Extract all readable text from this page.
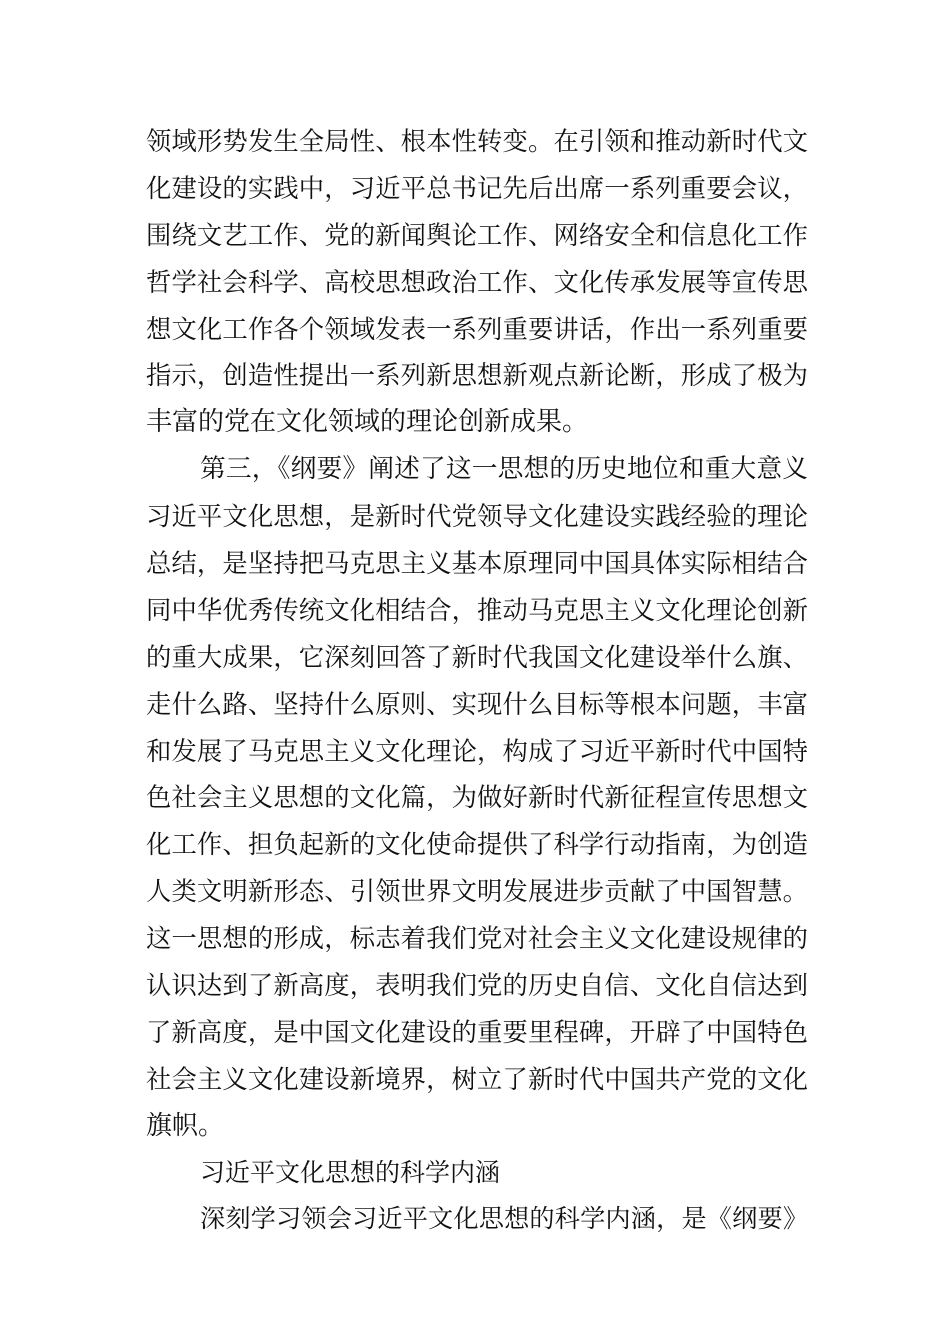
领域形势发生全局性、根本性转变。在引领和推动新时代文
化建设的实践中，习近平总书记先后出席一系列重要会议，
围绕文艺工作、党的新闻舆论工作、网络安全和信息化工作
哲学社会科学、高校思想政治工作、文化传承发展等宣传思
想文化工作各个领域发表一系列重要讲话，作出一系列重要
指示，创造性提出一系列新思想新观点新论断，形成了极为
丰富的党在文化领域的理论创新成果。
第三，《纲要》阐述了这一思想的历史地位和重大意义
习近平文化思想，是新时代党领导文化建设实践经验的理论
总结，是坚持把马克思主义基本原理同中国具体实际相结合
同中华优秀传统文化相结合，推动马克思主义文化理论创新
的重大成果，它深刻回答了新时代我国文化建设举什么旗、
走什么路、坚持什么原则、实现什么目标等根本问题，丰富
和发展了马克思主义文化理论，构成了习近平新时代中国特
色社会主义思想的文化篇，为做好新时代新征程宣传思想文
化工作、担负起新的文化使命提供了科学行动指南，为创造
人类文明新形态、引领世界文明发展进步贡献了中国智慧。
这一思想的形成，标志着我们党对社会主义文化建设规律的
认识达到了新高度，表明我们党的历史自信、文化自信达到
了新高度，是中国文化建设的重要里程碑，开辟了中国特色
社会主义文化建设新境界，树立了新时代中国共产党的文化
旗帜。
习近平文化思想的科学内涵
深刻学习领会习近平文化思想的科学内涵，是《纲要》
